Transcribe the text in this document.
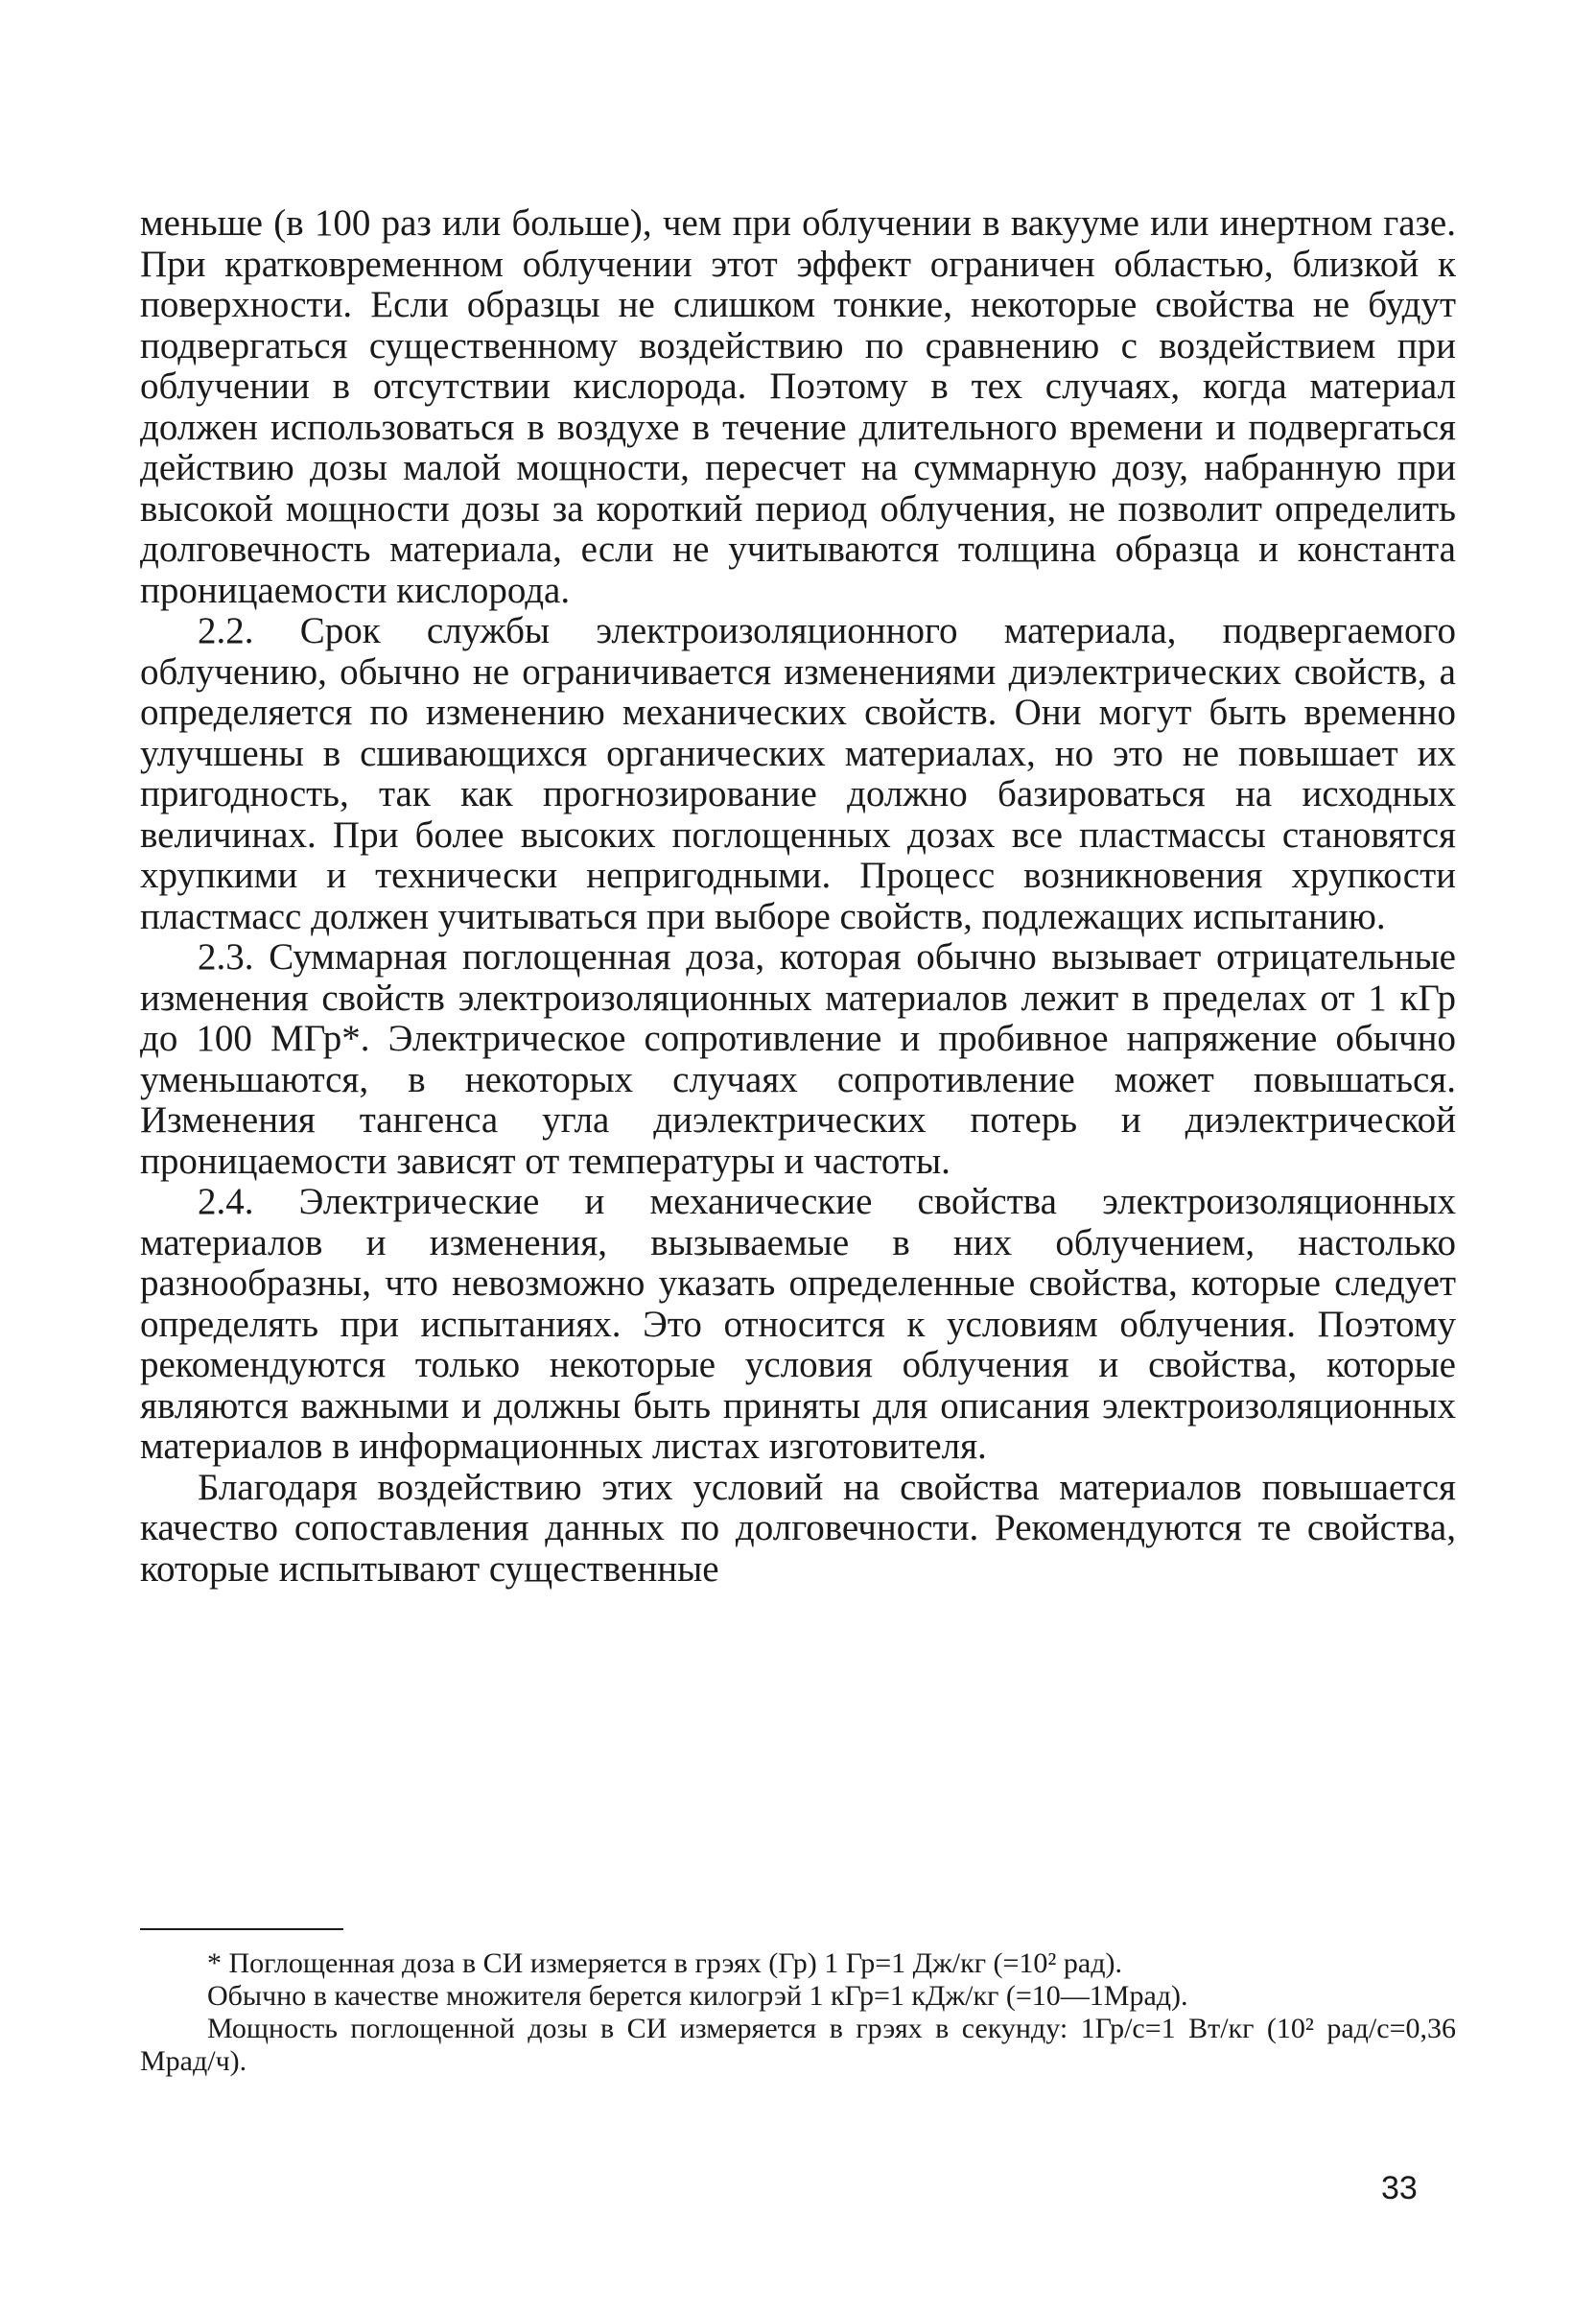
меньше (в 100 раз или больше), чем при облучении в вакууме или инертном газе. При кратковременном облучении этот эффект ограничен областью, близкой к поверхности. Если образцы не слишком тонкие, некоторые свойства не будут подвергаться существенному воздействию по сравнению с воздействием при облучении в отсутствии кислорода. Поэтому в тех случаях, когда материал должен использоваться в воздухе в течение длительного времени и подвергаться действию дозы малой мощности, пересчет на суммарную дозу, набранную при высокой мощности дозы за короткий период облучения, не позволит определить долговечность материала, если не учитываются толщина образца и константа проницаемости кислорода.

2.2. Срок службы электроизоляционного материала, подвергаемого облучению, обычно не ограничивается изменениями диэлектрических свойств, а определяется по изменению механических свойств. Они могут быть временно улучшены в сшивающихся органических материалах, но это не повышает их пригодность, так как прогнозирование должно базироваться на исходных величинах. При более высоких поглощенных дозах все пластмассы становятся хрупкими и технически непригодными. Процесс возникновения хрупкости пластмасс должен учитываться при выборе свойств, подлежащих испытанию.

2.3. Суммарная поглощенная доза, которая обычно вызывает отрицательные изменения свойств электроизоляционных материалов лежит в пределах от 1 кГр до 100 МГр*. Электрическое сопротивление и пробивное напряжение обычно уменьшаются, в некоторых случаях сопротивление может повышаться. Изменения тангенса угла диэлектрических потерь и диэлектрической проницаемости зависят от температуры и частоты.

2.4. Электрические и механические свойства электроизоляционных материалов и изменения, вызываемые в них облучением, настолько разнообразны, что невозможно указать определенные свойства, которые следует определять при испытаниях. Это относится к условиям облучения. Поэтому рекомендуются только некоторые условия облучения и свойства, которые являются важными и должны быть приняты для описания электроизоляционных материалов в информационных листах изготовителя.

Благодаря воздействию этих условий на свойства материалов повышается качество сопоставления данных по долговечности. Рекомендуются те свойства, которые испытывают существенные

* Поглощенная доза в СИ измеряется в грэях (Гр) 1 Гр=1 Дж/кг (=10² рад).

Обычно в качестве множителя берется килогрэй 1 кГр=1 кДж/кг (=10—1Мрад).

Мощность поглощенной дозы в СИ измеряется в грэях в секунду: 1Гр/с=1 Вт/кг (10² рад/с=0,36 Мрад/ч).

33
